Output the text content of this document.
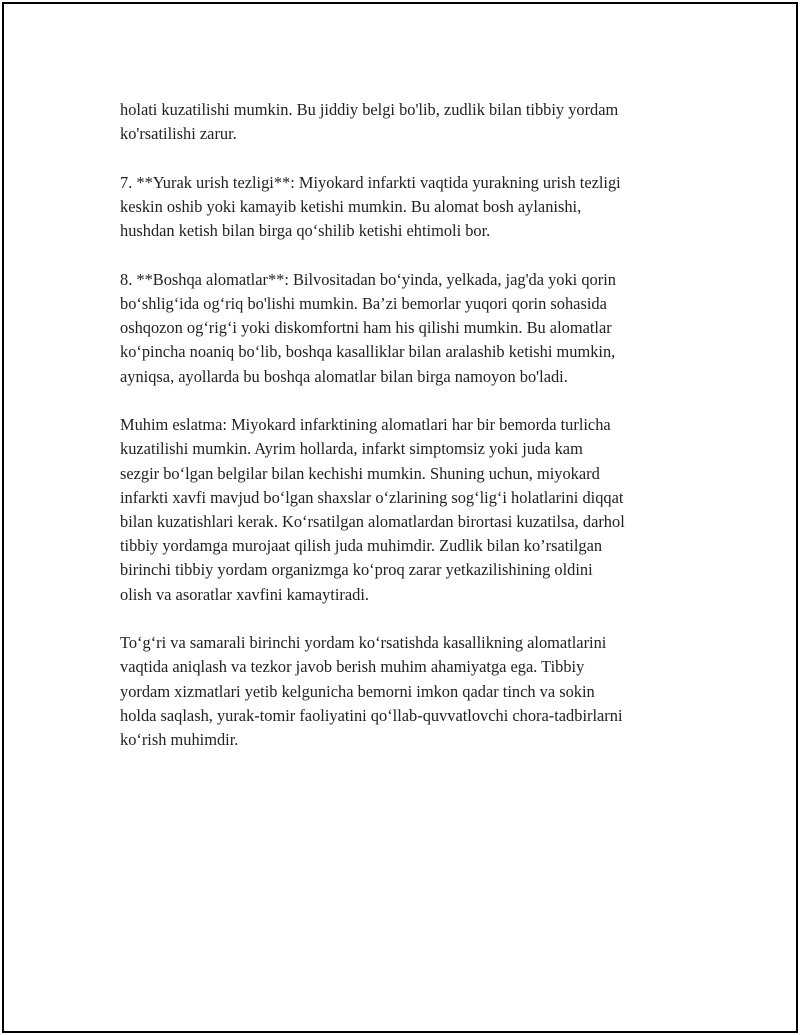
holati kuzatilishi mumkin. Bu jiddiy belgi bo'lib, zudlik bilan tibbiy yordam
ko'rsatilishi zarur.

7. **Yurak urish tezligi**: Miyokard infarkti vaqtida yurakning urish tezligi
keskin oshib yoki kamayib ketishi mumkin. Bu alomat bosh aylanishi,
hushdan ketish bilan birga qo‘shilib ketishi ehtimoli bor.

8. **Boshqa alomatlar**: Bilvositadan bo‘yinda, yelkada, jag'da yoki qorin
bo‘shlig‘ida og‘riq bo'lishi mumkin. Ba’zi bemorlar yuqori qorin sohasida
oshqozon og‘rig‘i yoki diskomfortni ham his qilishi mumkin. Bu alomatlar
ko‘pincha noaniq bo‘lib, boshqa kasalliklar bilan aralashib ketishi mumkin,
ayniqsa, ayollarda bu boshqa alomatlar bilan birga namoyon bo'ladi.

Muhim eslatma: Miyokard infarktining alomatlari har bir bemorda turlicha
kuzatilishi mumkin. Ayrim hollarda, infarkt simptomsiz yoki juda kam
sezgir bo‘lgan belgilar bilan kechishi mumkin. Shuning uchun, miyokard
infarkti xavfi mavjud bo‘lgan shaxslar o‘zlarining sog‘lig‘i holatlarini diqqat
bilan kuzatishlari kerak. Ko‘rsatilgan alomatlardan birortasi kuzatilsa, darhol
tibbiy yordamga murojaat qilish juda muhimdir. Zudlik bilan ko’rsatilgan
birinchi tibbiy yordam organizmga ko‘proq zarar yetkazilishining oldini
olish va asoratlar xavfini kamaytiradi.

To‘g‘ri va samarali birinchi yordam ko‘rsatishda kasallikning alomatlarini
vaqtida aniqlash va tezkor javob berish muhim ahamiyatga ega. Tibbiy
yordam xizmatlari yetib kelgunicha bemorni imkon qadar tinch va sokin
holda saqlash, yurak-tomir faoliyatini qo‘llab-quvvatlovchi chora-tadbirlarni
ko‘rish muhimdir.
